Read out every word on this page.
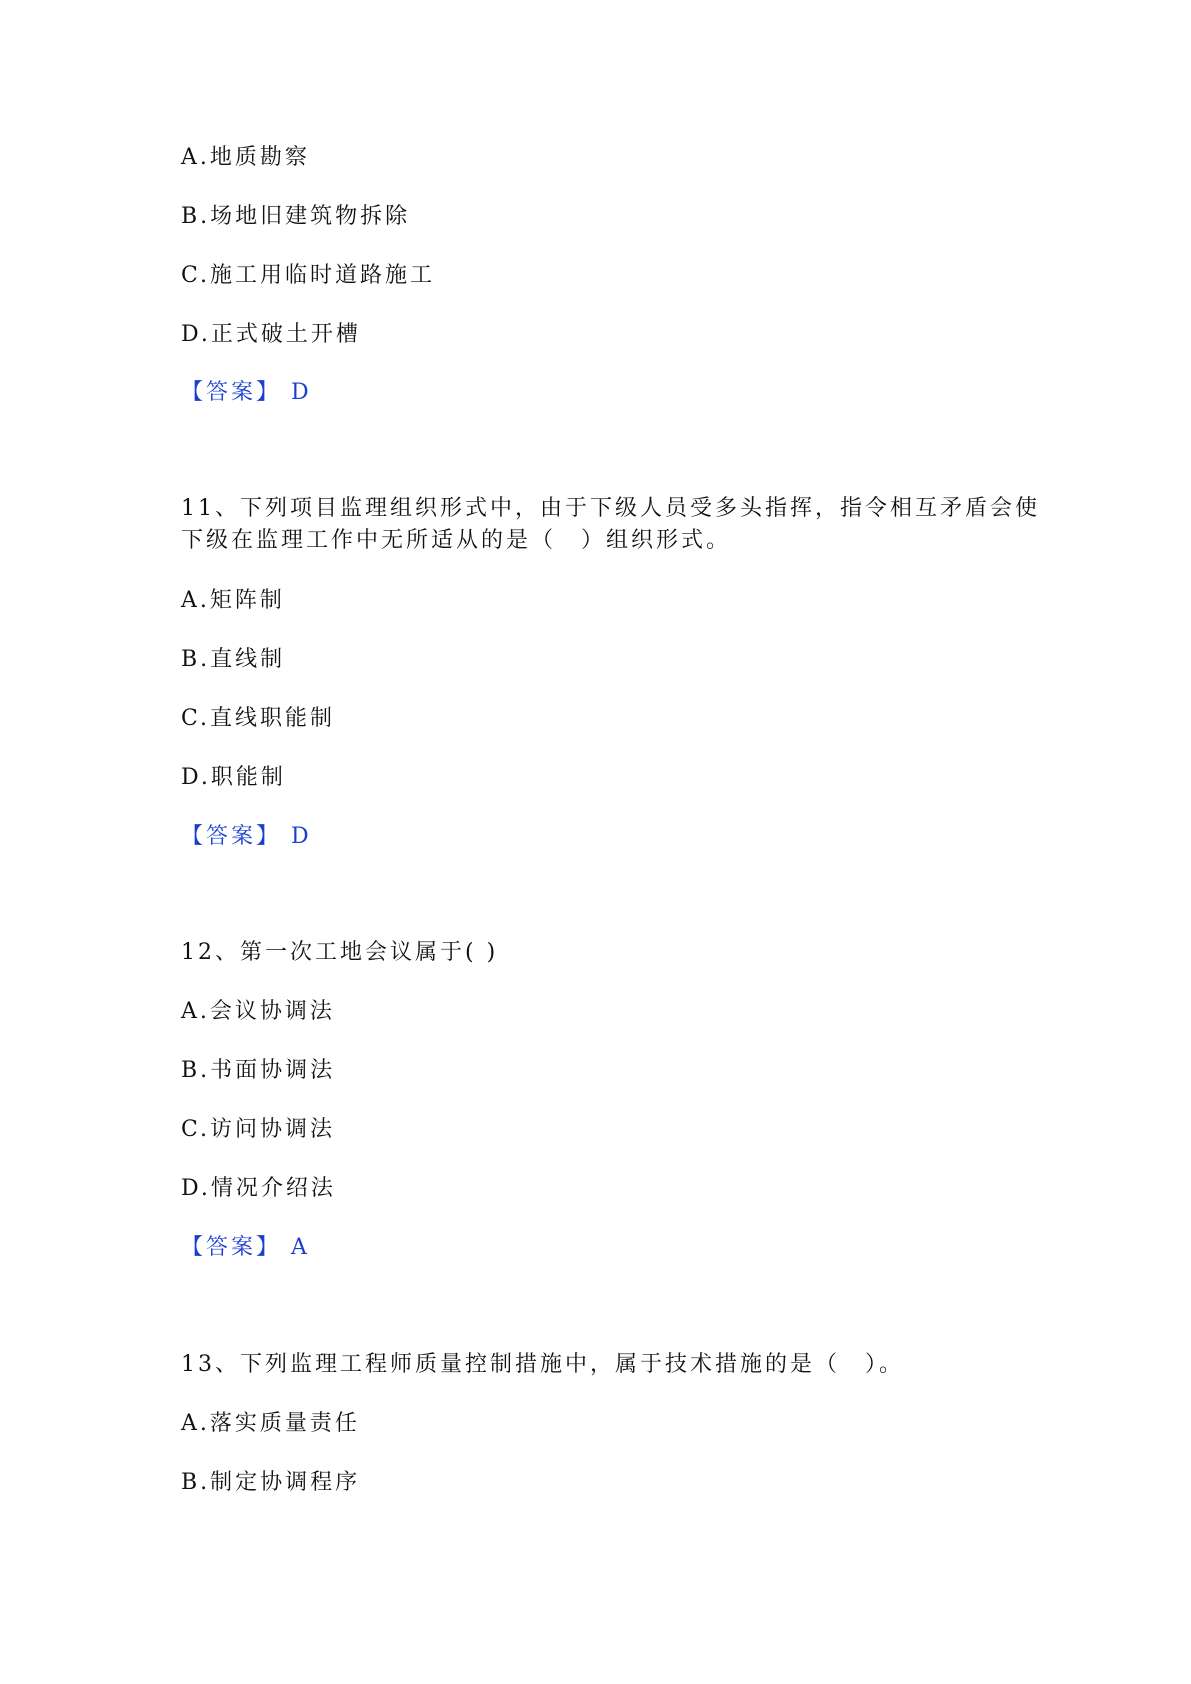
A.地质勘察
B.场地旧建筑物拆除
C.施工用临时道路施工
D.正式破土开槽
【答案】 D
11、下列项目监理组织形式中，由于下级人员受多头指挥，指令相互矛盾会使
下级在监理工作中无所适从的是（　）组织形式。
A.矩阵制
B.直线制
C.直线职能制
D.职能制
【答案】 D
12、第一次工地会议属于( )
A.会议协调法
B.书面协调法
C.访问协调法
D.情况介绍法
【答案】 A
13、下列监理工程师质量控制措施中，属于技术措施的是（　）。
A.落实质量责任
B.制定协调程序
